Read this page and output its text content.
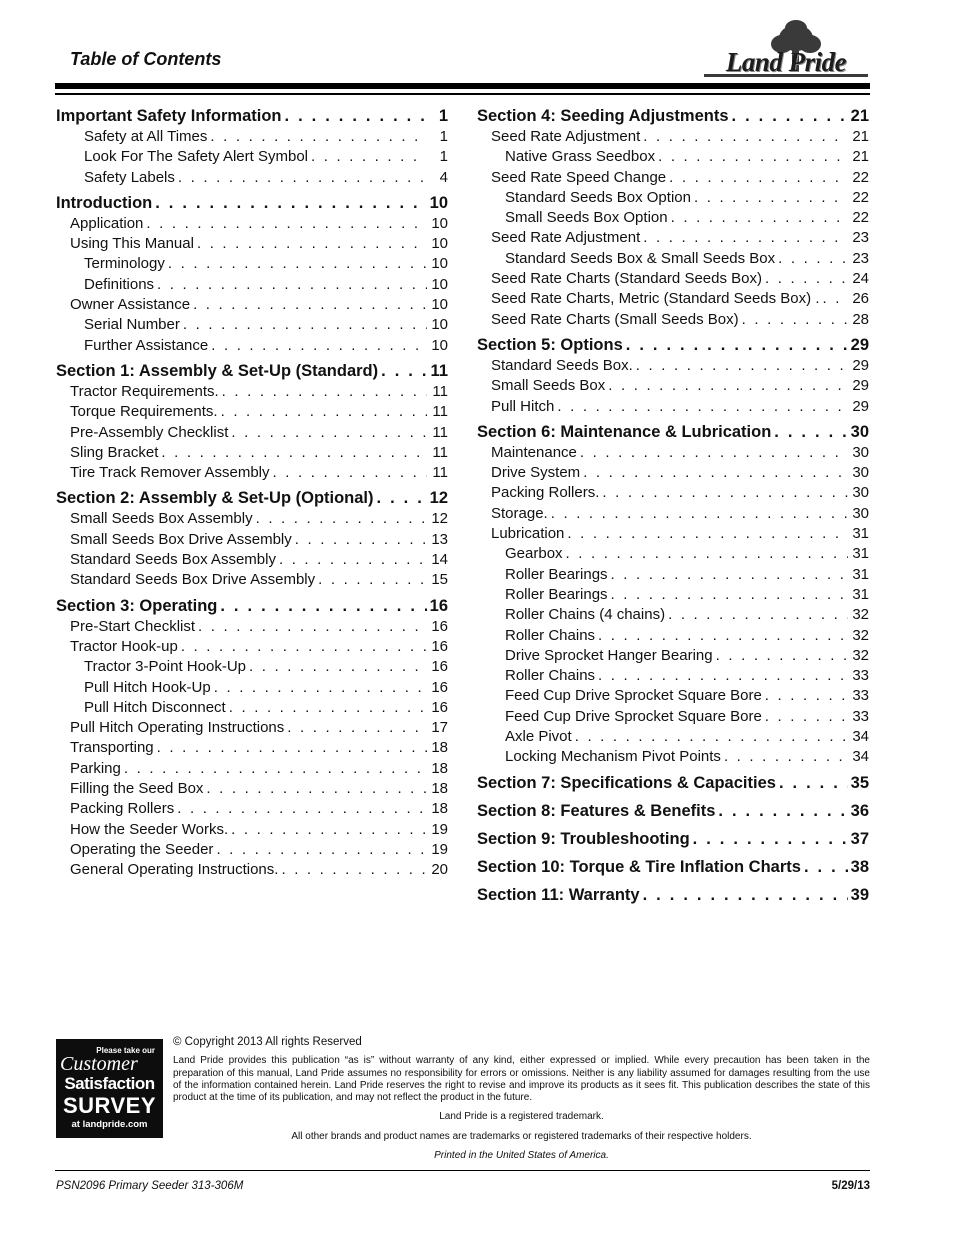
Table of Contents	Land Pride
Important Safety Information . . .	1
Safety at All Times . . .	1
Look For The Safety Alert Symbol . . .	1
Safety Labels . . .	4
Introduction . . .	10
Application . . .	10
Using This Manual . . .	10
Terminology . . .	10
Definitions . . .	10
Owner Assistance . . .	10
Serial Number . . .	10
Further Assistance . . .	10
Section 1: Assembly & Set-Up (Standard) . . .	11
Tractor Requirements. . . .	11
Torque Requirements. . . .	11
Pre-Assembly Checklist . . .	11
Sling Bracket . . .	11
Tire Track Remover Assembly . . .	11
Section 2: Assembly & Set-Up (Optional) . . .	12
Small Seeds Box Assembly . . .	12
Small Seeds Box Drive Assembly . . .	13
Standard Seeds Box Assembly . . .	14
Standard Seeds Box Drive Assembly . . .	15
Section 3: Operating . . .	16
Pre-Start Checklist . . .	16
Tractor Hook-up . . .	16
Tractor 3-Point Hook-Up . . .	16
Pull Hitch Hook-Up . . .	16
Pull Hitch Disconnect . . .	16
Pull Hitch Operating Instructions . . .	17
Transporting . . .	18
Parking . . .	18
Filling the Seed Box . . .	18
Packing Rollers . . .	18
How the Seeder Works. . . .	19
Operating the Seeder . . .	19
General Operating Instructions. . . .	20
Section 4: Seeding Adjustments . . .	21
Seed Rate Adjustment . . .	21
Native Grass Seedbox . . .	21
Seed Rate Speed Change . . .	22
Standard Seeds Box Option . . .	22
Small Seeds Box Option . . .	22
Seed Rate Adjustment . . .	23
Standard Seeds Box & Small Seeds Box . . .	23
Seed Rate Charts (Standard Seeds Box) . . .	24
Seed Rate Charts, Metric (Standard Seeds Box) . . . . 26
Seed Rate Charts (Small Seeds Box) . . .	28
Section 5: Options . . .	29
Standard Seeds Box. . . .	29
Small Seeds Box . . .	29
Pull Hitch . . .	29
Section 6: Maintenance & Lubrication . . .	30
Maintenance . . .	30
Drive System . . .	30
Packing Rollers. . . .	30
Storage. . . .	30
Lubrication . . .	31
Gearbox . . .	31
Roller Bearings . . .	31
Roller Bearings . . .	31
Roller Chains (4 chains) . . .	32
Roller Chains . . .	32
Drive Sprocket Hanger Bearing . . .	32
Roller Chains . . .	33
Feed Cup Drive Sprocket Square Bore . . .	33
Feed Cup Drive Sprocket Square Bore . . .	33
Axle Pivot . . .	34
Locking Mechanism Pivot Points . . .	34
Section 7: Specifications & Capacities . . .	35
Section 8: Features & Benefits . . .	36
Section 9: Troubleshooting . . .	37
Section 10: Torque & Tire Inflation Charts . . .	38
Section 11: Warranty . . .	39
Please take our
Customer
Satisfaction
SURVEY
at landpride.com
© Copyright 2013 All rights Reserved
Land Pride provides this publication “as is” without warranty of any kind, either expressed or implied. While every precaution has been taken in the preparation of this manual, Land Pride assumes no responsibility for errors or omissions. Neither is any liability assumed for damages resulting from the use of the information contained herein. Land Pride reserves the right to revise and improve its products as it sees fit. This publication describes the state of this product at the time of its publication, and may not reflect the product in the future.
Land Pride is a registered trademark.
All other brands and product names are trademarks or registered trademarks of their respective holders.
Printed in the United States of America.
PSN2096 Primary Seeder 313-306M	5/29/13
